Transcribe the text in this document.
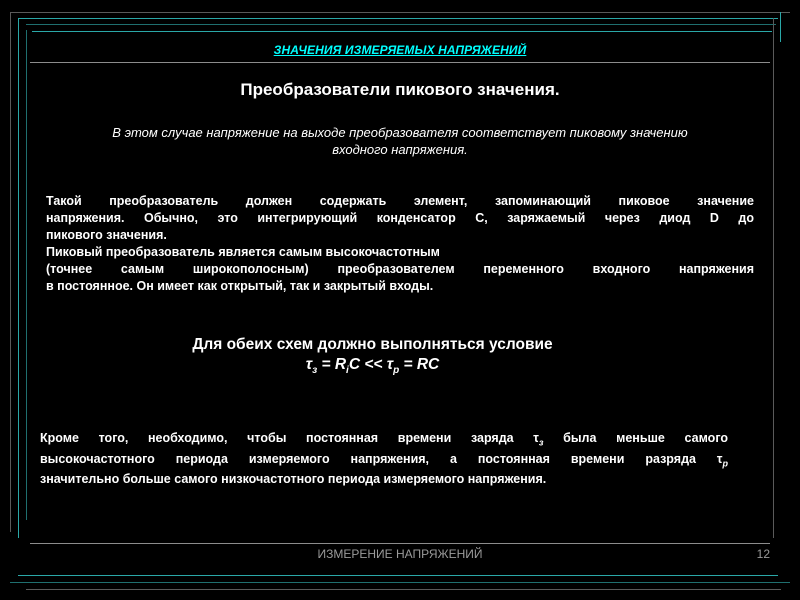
ЗНАЧЕНИЯ ИЗМЕРЯЕМЫХ НАПРЯЖЕНИЙ
Преобразователи пикового значения.
В этом случае напряжение на выходе преобразователя соответствует пиковому значению
входного напряжения.
Такой преобразователь должен содержать элемент, запоминающий пиковое значение
напряжения. Обычно, это интегрирующий конденсатор C, заряжаемый через диод D до
пикового значения.
Пиковый преобразователь является самым высокочастотным
(точнее самым широкополосным) преобразователем переменного входного напряжения
в постоянное. Он имеет как открытый, так и закрытый входы.
Для обеих схем должно выполняться условие
$\tau_з = R_iC << \tau_р$ = RC
Кроме того, необходимо, чтобы постоянная времени заряда $\tau_з$ была меньше самого
высокочастотного периода измеряемого напряжения, а постоянная времени разряда $\tau_р$
значительно больше самого низкочастотного периода измеряемого напряжения.
ИЗМЕРЕНИЕ НАПРЯЖЕНИЙ	12
